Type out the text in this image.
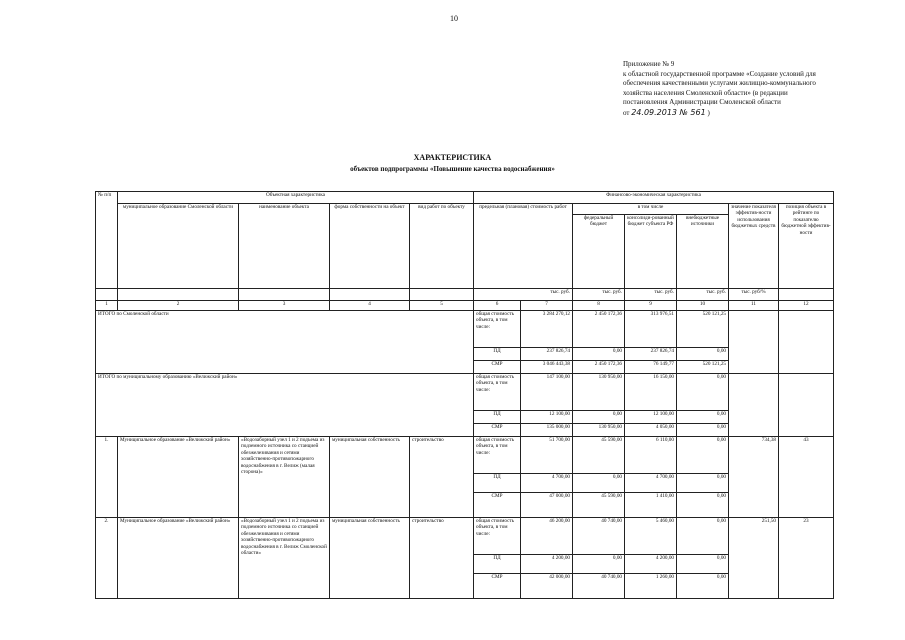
10
Приложение № 9
к областной государственной программе «Создание условий для обеспечения качественными услугами жилищно-коммунального хозяйства населения Смоленской области» (в редакции постановления Администрации Смоленской области
от 24.09.2013 № 561 )
ХАРАКТЕРИСТИКА
объектов подпрограммы «Повышение качества водоснабжения»
№ п/п	Объектная характеристика				Финансово-экономическая характеристика						
	муниципальное образование Смоленской области	наименование объекта	форма собственности на объект	вид работ по объекту	предельная (плановая) стоимость работ		в том числе			значение показателя эффектив-ности использования бюджетных средств	позиция объекта в рейтинге по показателю бюджетной эффектив-ности
							федеральный бюджет	консолиди-рованный бюджет субъекта РФ	внебюджетные источники		
					тыс. руб.		тыс. руб.	тыс. руб.	тыс. руб.	тыс. руб/%	
1	2	3	4	5	6	7	8	9	10	11	12
ИТОГО по Смоленской области					общая стоимость объекта, в том числе:	3 284 270,12	2 450 172,36	313 976,51	520 121,25		
					ПД	237 826,74	0,00	237 826,74	0,00		
					СМР	3 046 443,38	2 450 172,36	76 149,77	520 121,25		
ИТОГО по муниципальному образованию «Велижский район»					общая стоимость объекта, в том числе:	147 100,00	130 950,00	16 150,00	0,00		
					ПД	12 100,00	0,00	12 100,00	0,00		
					СМР	135 000,00	130 950,00	4 050,00	0,00		
1.	Муниципальное образование «Велижский район»	«Водозаборный узел 1 и 2 подъема из подземного источника со станцией обезжелезивания и сетями хозяйственно-противопожарного водоснабжения в г. Велиж (малая сторона)»	муниципальная собственность	строительство	общая стоимость объекта, в том числе:	51 700,00	45 590,00	6 110,00	0,00	734,38	43
					ПД	4 700,00	0,00	4 700,00	0,00		
					СМР	47 000,00	45 590,00	1 410,00	0,00		
2.	Муниципальное образование «Велижский район»	«Водозаборный узел 1 и 2 подъема из подземного источника со станцией обезжелезивания и сетями хозяйственно-противопожарного водоснабжения в г. Велиж Смоленской области»	муниципальная собственность	строительство	общая стоимость объекта, в том числе:	46 200,00	40 740,00	5 460,00	0,00	251,50	23
					ПД	4 200,00	0,00	4 200,00	0,00		
					СМР	42 000,00	40 740,00	1 260,00	0,00		
